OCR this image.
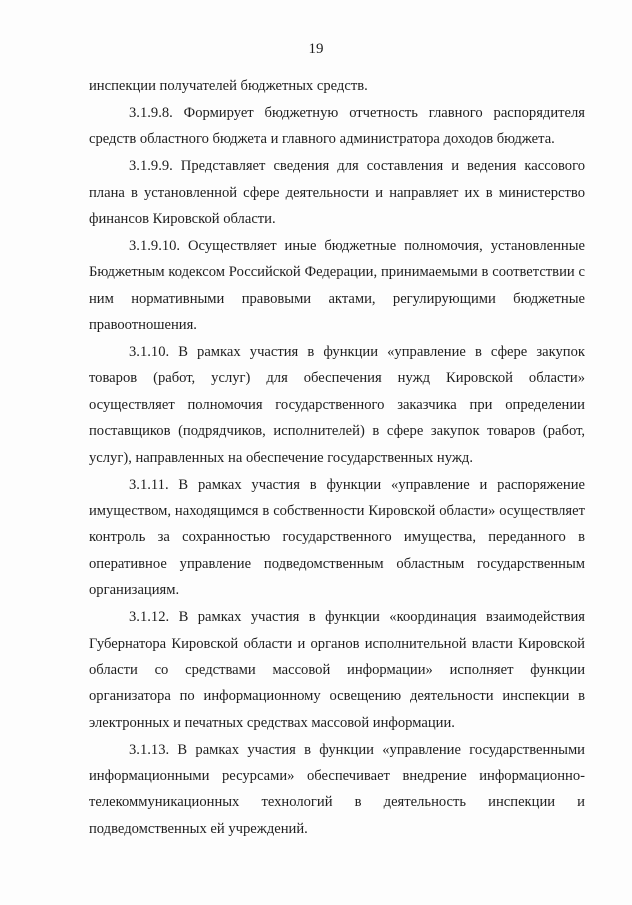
19

инспекции получателей бюджетных средств.

3.1.9.8. Формирует бюджетную отчетность главного распорядителя средств областного бюджета и главного администратора доходов бюджета.

3.1.9.9. Представляет сведения для составления и ведения кассового плана в установленной сфере деятельности и направляет их в министерство финансов Кировской области.

3.1.9.10. Осуществляет иные бюджетные полномочия, установленные Бюджетным кодексом Российской Федерации, принимаемыми в соответствии с ним нормативными правовыми актами, регулирующими бюджетные правоотношения.

3.1.10. В рамках участия в функции «управление в сфере закупок товаров (работ, услуг) для обеспечения нужд Кировской области» осуществляет полномочия государственного заказчика при определении поставщиков (подрядчиков, исполнителей) в сфере закупок товаров (работ, услуг), направленных на обеспечение государственных нужд.

3.1.11. В рамках участия в функции «управление и распоряжение имуществом, находящимся в собственности Кировской области» осуществляет контроль за сохранностью государственного имущества, переданного в оперативное управление подведомственным областным государственным организациям.

3.1.12. В рамках участия в функции «координация взаимодействия Губернатора Кировской области и органов исполнительной власти Кировской области со средствами массовой информации» исполняет функции организатора по информационному освещению деятельности инспекции в электронных и печатных средствах массовой информации.

3.1.13. В рамках участия в функции «управление государственными информационными ресурсами» обеспечивает внедрение информационно-телекоммуникационных технологий в деятельность инспекции и подведомственных ей учреждений.
